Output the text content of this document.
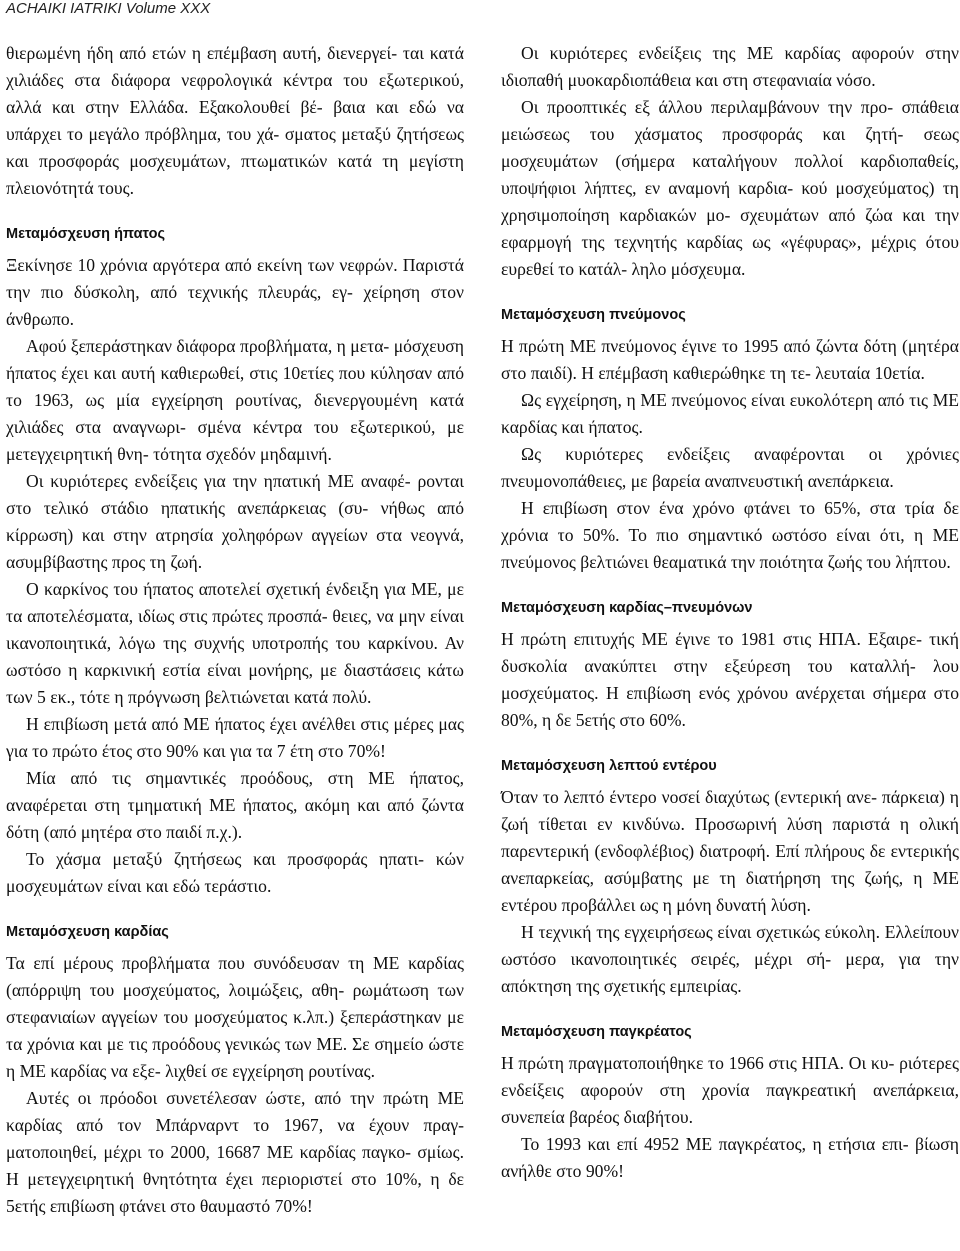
ACHAIKI IATRIKI Volume XXX

θιερωμένη ήδη από ετών η επέμβαση αυτή, διενεργεί- ται κατά χιλιάδες στα διάφορα νεφρολογικά κέντρα του εξωτερικού, αλλά και στην Ελλάδα. Εξακολουθεί βέ- βαια και εδώ να υπάρχει το μεγάλο πρόβλημα, του χά- σματος μεταξύ ζητήσεως και προσφοράς μοσχευμάτων, πτωματικών κατά τη μεγίστη πλειονότητά τους.

Μεταμόσχευση ήπατος

Ξεκίνησε 10 χρόνια αργότερα από εκείνη των νεφρών. Παριστά την πιο δύσκολη, από τεχνικής πλευράς, εγ- χείρηση στον άνθρωπο.

Αφού ξεπεράστηκαν διάφορα προβλήματα, η μετα- μόσχευση ήπατος έχει και αυτή καθιερωθεί, στις 10ετίες που κύλησαν από το 1963, ως μία εγχείρηση ρουτίνας, διενεργουμένη κατά χιλιάδες στα αναγνωρι- σμένα κέντρα του εξωτερικού, με μετεγχειρητική θνη- τότητα σχεδόν μηδαμινή.

Οι κυριότερες ενδείξεις για την ηπατική ΜΕ αναφέ- ρονται στο τελικό στάδιο ηπατικής ανεπάρκειας (συ- νήθως από κίρρωση) και στην ατρησία χοληφόρων αγγείων στα νεογνά, ασυμβίβαστης προς τη ζωή.

Ο καρκίνος του ήπατος αποτελεί σχετική ένδειξη για ΜΕ, με τα αποτελέσματα, ιδίως στις πρώτες προσπά- θειες, να μην είναι ικανοποιητικά, λόγω της συχνής υποτροπής του καρκίνου. Αν ωστόσο η καρκινική εστία είναι μονήρης, με διαστάσεις κάτω των 5 εκ., τότε η πρόγνωση βελτιώνεται κατά πολύ.

Η επιβίωση μετά από ΜΕ ήπατος έχει ανέλθει στις μέρες μας για το πρώτο έτος στο 90% και για τα 7 έτη στο 70%!

Μία από τις σημαντικές προόδους, στη ΜΕ ήπατος, αναφέρεται στη τμηματική ΜΕ ήπατος, ακόμη και από ζώντα δότη (από μητέρα στο παιδί π.χ.).

Το χάσμα μεταξύ ζητήσεως και προσφοράς ηπατι- κών μοσχευμάτων είναι και εδώ τεράστιο.

Μεταμόσχευση καρδίας

Τα επί μέρους προβλήματα που συνόδευσαν τη ΜΕ καρδίας (απόρριψη του μοσχεύματος, λοιμώξεις, αθη- ρωμάτωση των στεφανιαίων αγγείων του μοσχεύματος κ.λπ.) ξεπεράστηκαν με τα χρόνια και με τις προόδους γενικώς των ΜΕ. Σε σημείο ώστε η ΜΕ καρδίας να εξε- λιχθεί σε εγχείρηση ρουτίνας.

Αυτές οι πρόοδοι συνετέλεσαν ώστε, από την πρώτη ΜΕ καρδίας από τον Μπάρναρντ το 1967, να έχουν πραγ- ματοποιηθεί, μέχρι το 2000, 16687 ΜΕ καρδίας παγκο- σμίως. Η μετεγχειρητική θνητότητα έχει περιοριστεί στο 10%, η δε 5ετής επιβίωση φτάνει στο θαυμαστό 70%!

Οι κυριότερες ενδείξεις της ΜΕ καρδίας αφορούν στην ιδιοπαθή μυοκαρδιοπάθεια και στη στεφανιαία νόσο.

Οι προοπτικές εξ άλλου περιλαμβάνουν την προ- σπάθεια μειώσεως του χάσματος προσφοράς και ζητή- σεως μοσχευμάτων (σήμερα καταλήγουν πολλοί καρδιοπαθείς, υποψήφιοι λήπτες, εν αναμονή καρδια- κού μοσχεύματος) τη χρησιμοποίηση καρδιακών μο- σχευμάτων από ζώα και την εφαρμογή της τεχνητής καρδίας ως «γέφυρας», μέχρις ότου ευρεθεί το κατάλ- ληλο μόσχευμα.

Μεταμόσχευση πνεύμονος

Η πρώτη ΜΕ πνεύμονος έγινε το 1995 από ζώντα δότη (μητέρα στο παιδί). Η επέμβαση καθιερώθηκε τη τε- λευταία 10ετία.

Ως εγχείρηση, η ΜΕ πνεύμονος είναι ευκολότερη από τις ΜΕ καρδίας και ήπατος.

Ως κυριότερες ενδείξεις αναφέρονται οι χρόνιες πνευμονοπάθειες, με βαρεία αναπνευστική ανεπάρκεια.

Η επιβίωση στον ένα χρόνο φτάνει το 65%, στα τρία δε χρόνια το 50%. Το πιο σημαντικό ωστόσο είναι ότι, η ΜΕ πνεύμονος βελτιώνει θεαματικά την ποιότητα ζωής του λήπτου.

Μεταμόσχευση καρδίας–πνευμόνων

Η πρώτη επιτυχής ΜΕ έγινε το 1981 στις ΗΠΑ. Εξαιρε- τική δυσκολία ανακύπτει στην εξεύρεση του καταλλή- λου μοσχεύματος. Η επιβίωση ενός χρόνου ανέρχεται σήμερα στο 80%, η δε 5ετής στο 60%.

Μεταμόσχευση λεπτού εντέρου

Όταν το λεπτό έντερο νοσεί διαχύτως (εντερική ανε- πάρκεια) η ζωή τίθεται εν κινδύνω. Προσωρινή λύση παριστά η ολική παρεντερική (ενδοφλέβιος) διατροφή. Επί πλήρους δε εντερικής ανεπαρκείας, ασύμβατης με τη διατήρηση της ζωής, η ΜΕ εντέρου προβάλλει ως η μόνη δυνατή λύση.

Η τεχνική της εγχειρήσεως είναι σχετικώς εύκολη. Ελλείπουν ωστόσο ικανοποιητικές σειρές, μέχρι σή- μερα, για την απόκτηση της σχετικής εμπειρίας.

Μεταμόσχευση παγκρέατος

Η πρώτη πραγματοποιήθηκε το 1966 στις ΗΠΑ. Οι κυ- ριότερες ενδείξεις αφορούν στη χρονία παγκρεατική ανεπάρκεια, συνεπεία βαρέος διαβήτου.

Το 1993 και επί 4952 ΜΕ παγκρέατος, η ετήσια επι- βίωση ανήλθε στο 90%!
